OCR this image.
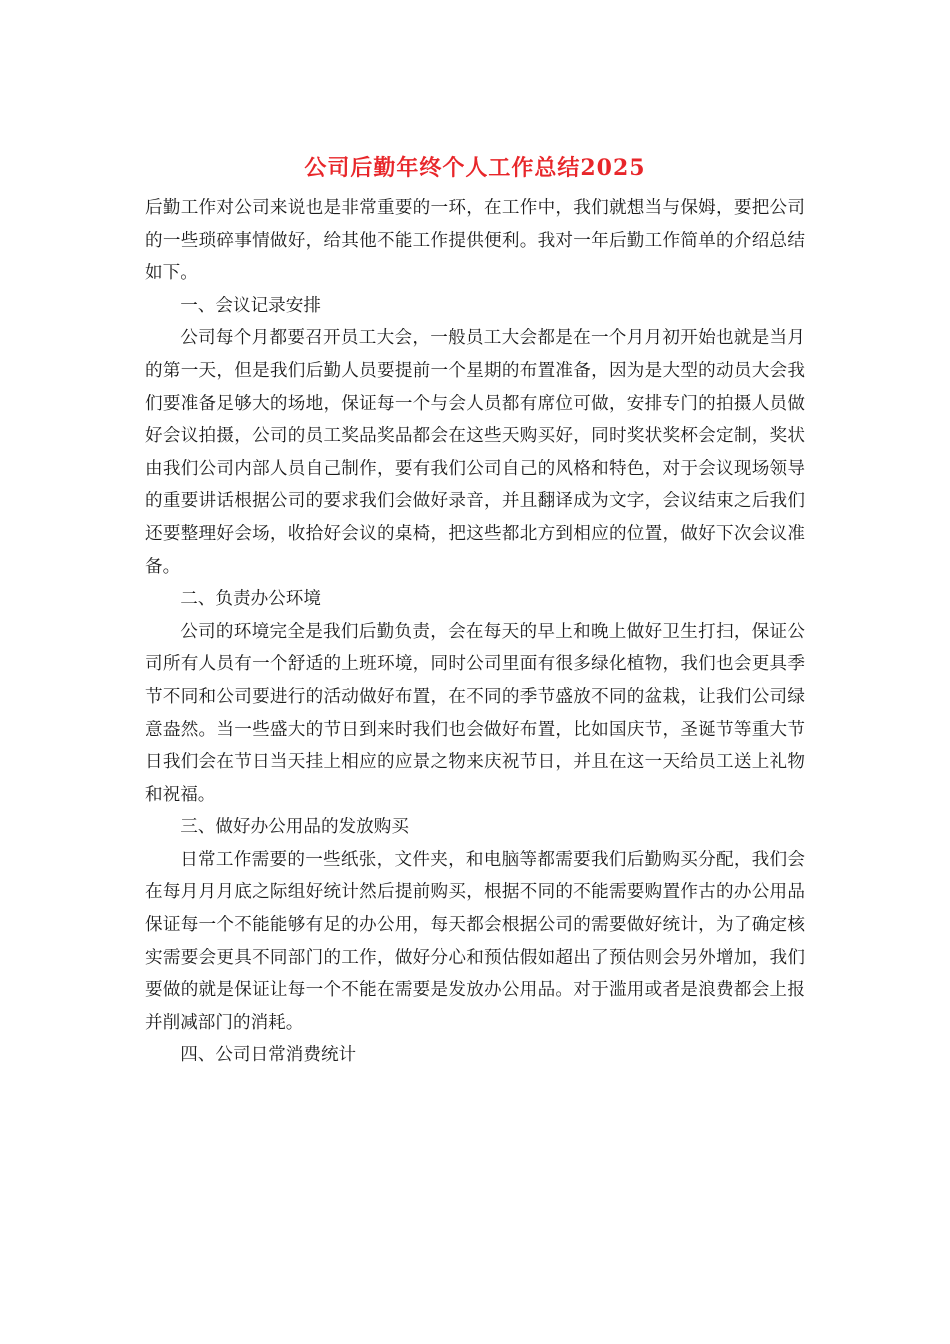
公司后勤年终个人工作总结2025

后勤工作对公司来说也是非常重要的一环，在工作中，我们就想当与保姆，要把公司的一些琐碎事情做好，给其他不能工作提供便利。我对一年后勤工作简单的介绍总结如下。

一、会议记录安排

公司每个月都要召开员工大会，一般员工大会都是在一个月月初开始也就是当月的第一天，但是我们后勤人员要提前一个星期的布置准备，因为是大型的动员大会我们要准备足够大的场地，保证每一个与会人员都有席位可做，安排专门的拍摄人员做好会议拍摄，公司的员工奖品奖品都会在这些天购买好，同时奖状奖杯会定制，奖状由我们公司内部人员自己制作，要有我们公司自己的风格和特色，对于会议现场领导的重要讲话根据公司的要求我们会做好录音，并且翻译成为文字，会议结束之后我们还要整理好会场，收拾好会议的桌椅，把这些都北方到相应的位置，做好下次会议准备。

二、负责办公环境

公司的环境完全是我们后勤负责，会在每天的早上和晚上做好卫生打扫，保证公司所有人员有一个舒适的上班环境，同时公司里面有很多绿化植物，我们也会更具季节不同和公司要进行的活动做好布置，在不同的季节盛放不同的盆栽，让我们公司绿意盎然。当一些盛大的节日到来时我们也会做好布置，比如国庆节，圣诞节等重大节日我们会在节日当天挂上相应的应景之物来庆祝节日，并且在这一天给员工送上礼物和祝福。

三、做好办公用品的发放购买

日常工作需要的一些纸张，文件夹，和电脑等都需要我们后勤购买分配，我们会在每月月月底之际组好统计然后提前购买，根据不同的不能需要购置作古的办公用品保证每一个不能能够有足的办公用，每天都会根据公司的需要做好统计，为了确定核实需要会更具不同部门的工作，做好分心和预估假如超出了预估则会另外增加，我们要做的就是保证让每一个不能在需要是发放办公用品。对于滥用或者是浪费都会上报并削减部门的消耗。

四、公司日常消费统计
